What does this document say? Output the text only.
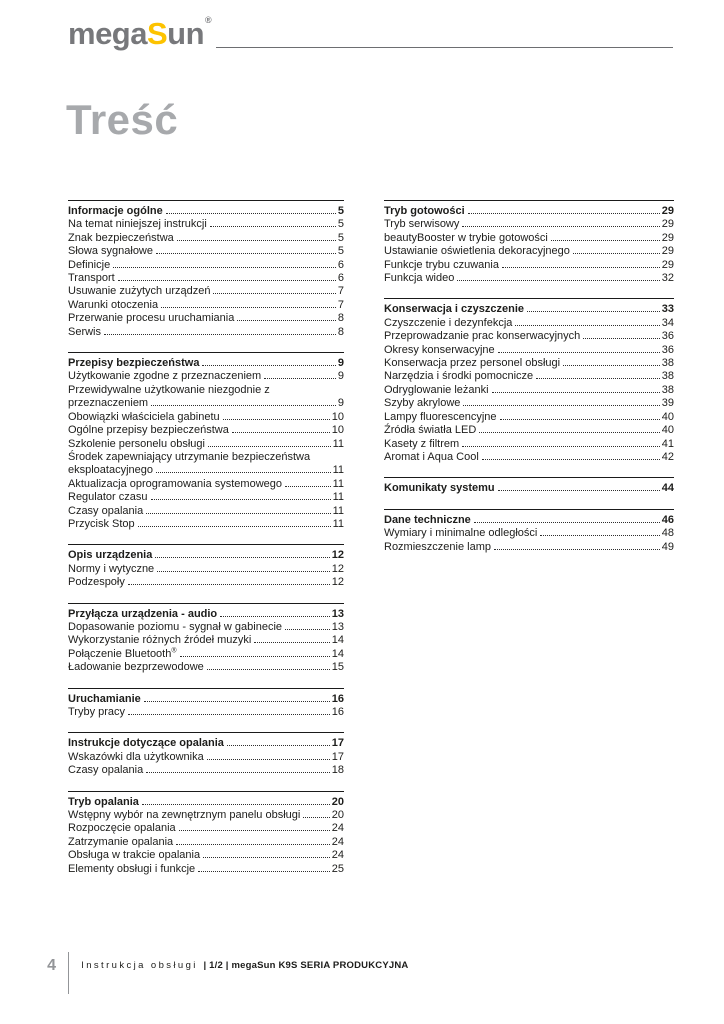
megaSun®
Treść
Informacje ogólne	5
Na temat niniejszej instrukcji	5
Znak bezpieczeństwa	5
Słowa sygnałowe	5
Definicje	6
Transport	6
Usuwanie zużytych urządzeń	7
Warunki otoczenia	7
Przerwanie procesu uruchamiania	8
Serwis	8
Przepisy bezpieczeństwa	9
Użytkowanie zgodne z przeznaczeniem	9
Przewidywalne użytkowanie niezgodnie z
przeznaczeniem	9
Obowiązki właściciela gabinetu	10
Ogólne przepisy bezpieczeństwa	10
Szkolenie personelu obsługi	11
Środek zapewniający utrzymanie bezpieczeństwa
eksploatacyjnego	11
Aktualizacja oprogramowania systemowego	11
Regulator czasu	11
Czasy opalania	11
Przycisk Stop	11
Opis urządzenia	12
Normy i wytyczne	12
Podzespoły	12
Przyłącza urządzenia - audio	13
Dopasowanie poziomu - sygnał w gabinecie	13
Wykorzystanie różnych źródeł muzyki	14
Połączenie Bluetooth®	14
Ładowanie bezprzewodowe	15
Uruchamianie	16
Tryby pracy	16
Instrukcje dotyczące opalania	17
Wskazówki dla użytkownika	17
Czasy opalania	18
Tryb opalania	20
Wstępny wybór na zewnętrznym panelu obsługi	20
Rozpoczęcie opalania	24
Zatrzymanie opalania	24
Obsługa w trakcie opalania	24
Elementy obsługi i funkcje	25
Tryb gotowości	29
Tryb serwisowy	29
beautyBooster w trybie gotowości	29
Ustawianie oświetlenia dekoracyjnego	29
Funkcje trybu czuwania	29
Funkcja wideo	32
Konserwacja i czyszczenie	33
Czyszczenie i dezynfekcja	34
Przeprowadzanie prac konserwacyjnych	36
Okresy konserwacyjne	36
Konserwacja przez personel obsługi	38
Narzędzia i środki pomocnicze	38
Odryglowanie leżanki	38
Szyby akrylowe	39
Lampy fluorescencyjne	40
Źródła światła LED	40
Kasety z filtrem	41
Aromat i Aqua Cool	42
Komunikaty systemu	44
Dane techniczne	46
Wymiary i minimalne odległości	48
Rozmieszczenie lamp	49
4	Instrukcja obsługi | 1/2 | megaSun K9S SERIA PRODUKCYJNA
